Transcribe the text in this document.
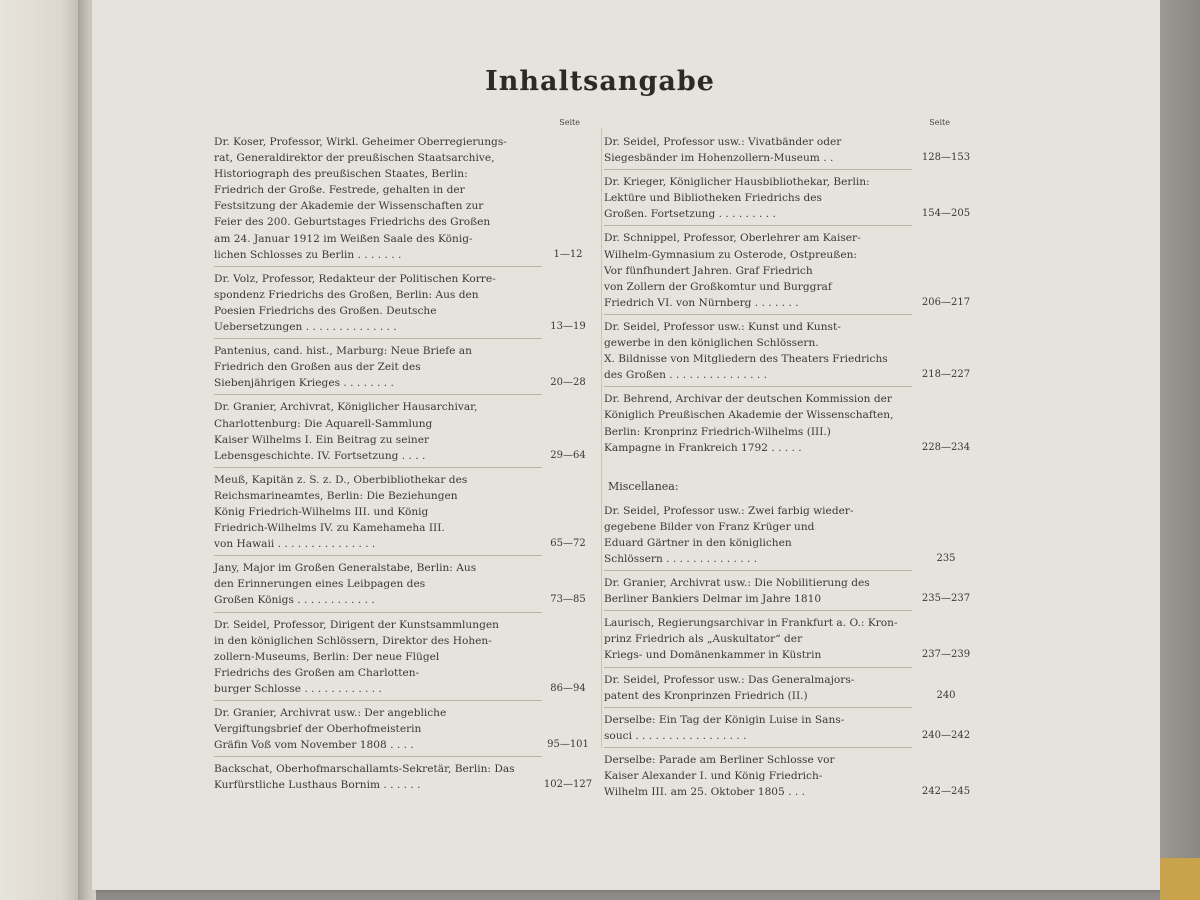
Inhaltsangabe
Seite
Dr. Koser, Professor, Wirkl. Geheimer Oberregierungs-
rat, Generaldirektor der preußischen Staatsarchive,
Historiograph des preußischen Staates, Berlin:
Friedrich der Große. Festrede, gehalten in der
Festsitzung der Akademie der Wissenschaften zur
Feier des 200. Geburtstages Friedrichs des Großen
am 24. Januar 1912 im Weißen Saale des König-
lichen Schlosses zu Berlin . . . . . . .	1—12
Dr. Volz, Professor, Redakteur der Politischen Korre-
spondenz Friedrichs des Großen, Berlin: Aus den
Poesien Friedrichs des Großen. Deutsche
Uebersetzungen . . . . . . . . . . . . . .	13—19
Pantenius, cand. hist., Marburg: Neue Briefe an
Friedrich den Großen aus der Zeit des
Siebenjährigen Krieges . . . . . . . .	20—28
Dr. Granier, Archivrat, Königlicher Hausarchivar,
Charlottenburg: Die Aquarell-Sammlung
Kaiser Wilhelms I. Ein Beitrag zu seiner
Lebensgeschichte. IV. Fortsetzung . . . .	29—64
Meuß, Kapitän z. S. z. D., Oberbibliothekar des
Reichsmarineamtes, Berlin: Die Beziehungen
König Friedrich-Wilhelms III. und König
Friedrich-Wilhelms IV. zu Kamehameha III.
von Hawaii . . . . . . . . . . . . . . .	65—72
Jany, Major im Großen Generalstabe, Berlin: Aus
den Erinnerungen eines Leibpagen des
Großen Königs . . . . . . . . . . . .	73—85
Dr. Seidel, Professor, Dirigent der Kunstsammlungen
in den königlichen Schlössern, Direktor des Hohen-
zollern-Museums, Berlin: Der neue Flügel
Friedrichs des Großen am Charlotten-
burger Schlosse . . . . . . . . . . . .	86—94
Dr. Granier, Archivrat usw.: Der angebliche
Vergiftungsbrief der Oberhofmeisterin
Gräfin Voß vom November 1808 . . . .	95—101
Backschat, Oberhofmarschallamts-Sekretär, Berlin: Das
Kurfürstliche Lusthaus Bornim . . . . . .	102—127
Seite
Dr. Seidel, Professor usw.: Vivatbänder oder
Siegesbänder im Hohenzollern-Museum . .	128—153
Dr. Krieger, Königlicher Hausbibliothekar, Berlin:
Lektüre und Bibliotheken Friedrichs des
Großen. Fortsetzung . . . . . . . . .	154—205
Dr. Schnippel, Professor, Oberlehrer am Kaiser-
Wilhelm-Gymnasium zu Osterode, Ostpreußen:
Vor fünfhundert Jahren. Graf Friedrich
von Zollern der Großkomtur und Burggraf
Friedrich VI. von Nürnberg . . . . . . .	206—217
Dr. Seidel, Professor usw.: Kunst und Kunst-
gewerbe in den königlichen Schlössern.
X. Bildnisse von Mitgliedern des Theaters Friedrichs
des Großen . . . . . . . . . . . . . . .	218—227
Dr. Behrend, Archivar der deutschen Kommission der
Königlich Preußischen Akademie der Wissenschaften,
Berlin: Kronprinz Friedrich-Wilhelms (III.)
Kampagne in Frankreich 1792 . . . . .	228—234
Miscellanea:
Dr. Seidel, Professor usw.: Zwei farbig wieder-
gegebene Bilder von Franz Krüger und
Eduard Gärtner in den königlichen
Schlössern . . . . . . . . . . . . . .	235
Dr. Granier, Archivrat usw.: Die Nobilitierung des
Berliner Bankiers Delmar im Jahre 1810	235—237
Laurisch, Regierungsarchivar in Frankfurt a. O.: Kron-
prinz Friedrich als „Auskultator“ der
Kriegs- und Domänenkammer in Küstrin	237—239
Dr. Seidel, Professor usw.: Das Generalmajors-
patent des Kronprinzen Friedrich (II.)	240
Derselbe: Ein Tag der Königin Luise in Sans-
souci . . . . . . . . . . . . . . . . .	240—242
Derselbe: Parade am Berliner Schlosse vor
Kaiser Alexander I. und König Friedrich-
Wilhelm III. am 25. Oktober 1805 . . .	242—245
